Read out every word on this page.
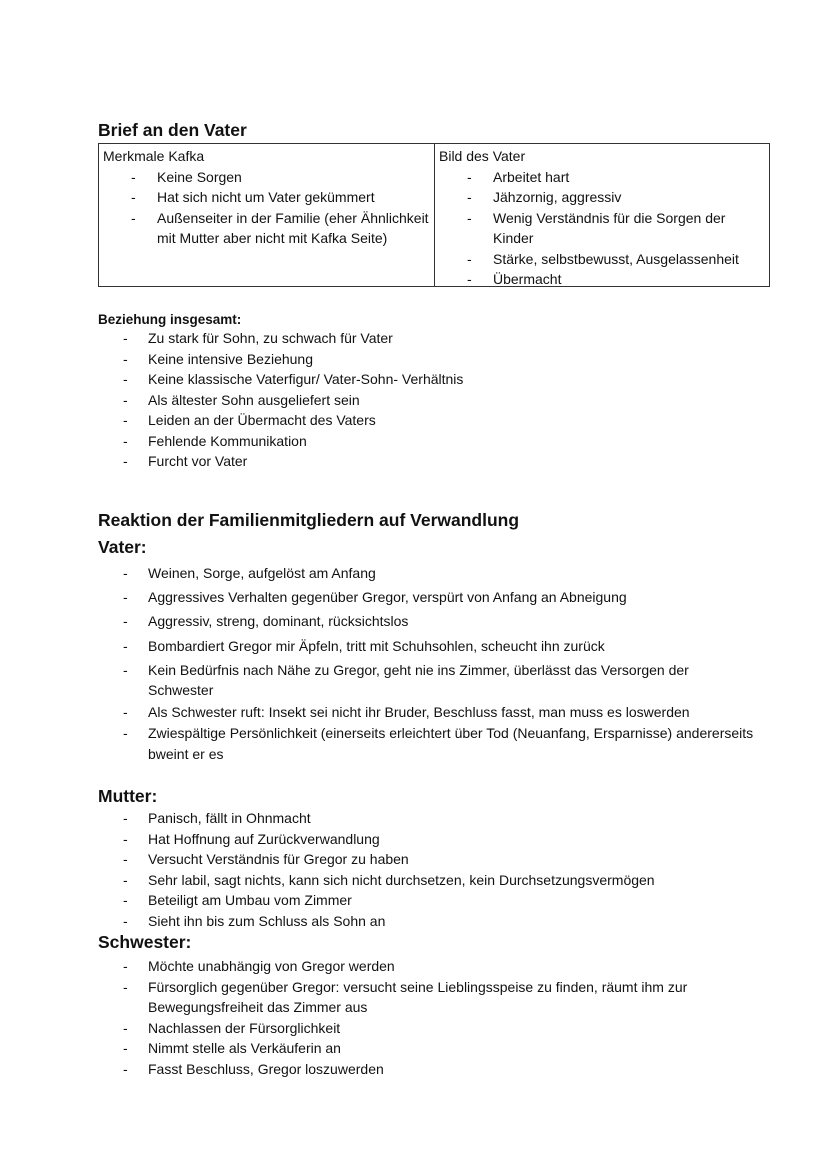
Brief an den Vater

Merkmale Kafka

- Keine Sorgen
- Hat sich nicht um Vater gekümmert
- Außenseiter in der Familie (eher Ähnlichkeit mit Mutter aber nicht mit Kafka Seite)

Bild des Vater

- Arbeitet hart
- Jähzornig, aggressiv
- Wenig Verständnis für die Sorgen der Kinder
- Stärke, selbstbewusst, Ausgelassenheit
- Übermacht

Beziehung insgesamt:

- Zu stark für Sohn, zu schwach für Vater
- Keine intensive Beziehung
- Keine klassische Vaterfigur/ Vater-Sohn- Verhältnis
- Als ältester Sohn ausgeliefert sein
- Leiden an der Übermacht des Vaters
- Fehlende Kommunikation
- Furcht vor Vater
Reaktion der Familienmitgliedern auf Verwandlung
Vater:
- Weinen, Sorge, aufgelöst am Anfang
- Aggressives Verhalten gegenüber Gregor, verspürt von Anfang an Abneigung
- Aggressiv, streng, dominant, rücksichtslos
- Bombardiert Gregor mir Äpfeln, tritt mit Schuhsohlen, scheucht ihn zurück
- Kein Bedürfnis nach Nähe zu Gregor, geht nie ins Zimmer, überlässt das Versorgen der Schwester
- Als Schwester ruft: Insekt sei nicht ihr Bruder, Beschluss fasst, man muss es loswerden
- Zwiespältige Persönlichkeit (einerseits erleichtert über Tod (Neuanfang, Ersparnisse) andererseits bweint er es
Mutter:
- Panisch, fällt in Ohnmacht
- Hat Hoffnung auf Zurückverwandlung
- Versucht Verständnis für Gregor zu haben
- Sehr labil, sagt nichts, kann sich nicht durchsetzen, kein Durchsetzungsvermögen
- Beteiligt am Umbau vom Zimmer
- Sieht ihn bis zum Schluss als Sohn an
Schwester:
- Möchte unabhängig von Gregor werden
- Fürsorglich gegenüber Gregor: versucht seine Lieblingsspeise zu finden, räumt ihm zur Bewegungsfreiheit das Zimmer aus
- Nachlassen der Fürsorglichkeit
- Nimmt stelle als Verkäuferin an
- Fasst Beschluss, Gregor loszuwerden
